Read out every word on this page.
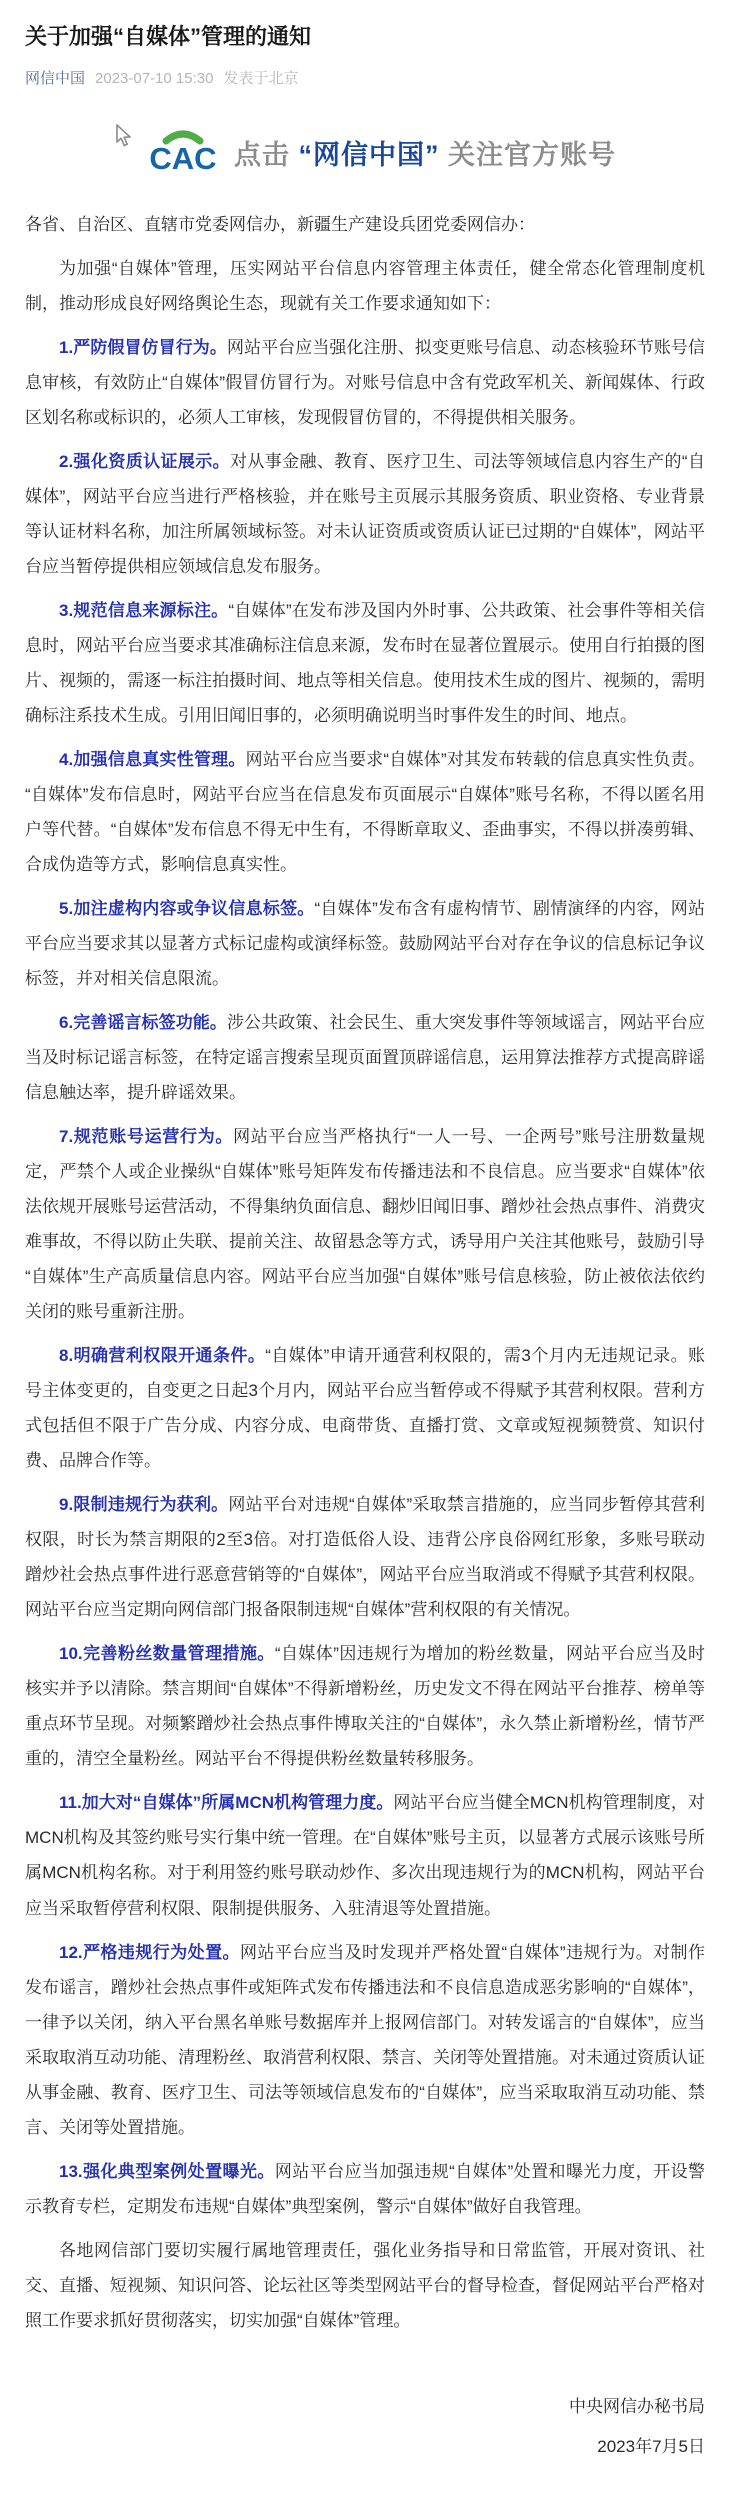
关于加强“自媒体”管理的通知
网信中国 2023-07-10 15:30 发表于北京
CAC 点击 “网信中国” 关注官方账号

各省、自治区、直辖市党委网信办，新疆生产建设兵团党委网信办：

为加强“自媒体”管理，压实网站平台信息内容管理主体责任，健全常态化管理制度机制，推动形成良好网络舆论生态，现就有关工作要求通知如下：

1.严防假冒仿冒行为。网站平台应当强化注册、拟变更账号信息、动态核验环节账号信息审核，有效防止“自媒体”假冒仿冒行为。对账号信息中含有党政军机关、新闻媒体、行政区划名称或标识的，必须人工审核，发现假冒仿冒的，不得提供相关服务。

2.强化资质认证展示。对从事金融、教育、医疗卫生、司法等领域信息内容生产的“自媒体”，网站平台应当进行严格核验，并在账号主页展示其服务资质、职业资格、专业背景等认证材料名称，加注所属领域标签。对未认证资质或资质认证已过期的“自媒体”，网站平台应当暂停提供相应领域信息发布服务。

3.规范信息来源标注。“自媒体”在发布涉及国内外时事、公共政策、社会事件等相关信息时，网站平台应当要求其准确标注信息来源，发布时在显著位置展示。使用自行拍摄的图片、视频的，需逐一标注拍摄时间、地点等相关信息。使用技术生成的图片、视频的，需明确标注系技术生成。引用旧闻旧事的，必须明确说明当时事件发生的时间、地点。

4.加强信息真实性管理。网站平台应当要求“自媒体”对其发布转载的信息真实性负责。“自媒体”发布信息时，网站平台应当在信息发布页面展示“自媒体”账号名称，不得以匿名用户等代替。“自媒体”发布信息不得无中生有，不得断章取义、歪曲事实，不得以拼凑剪辑、合成伪造等方式，影响信息真实性。

5.加注虚构内容或争议信息标签。“自媒体”发布含有虚构情节、剧情演绎的内容，网站平台应当要求其以显著方式标记虚构或演绎标签。鼓励网站平台对存在争议的信息标记争议标签，并对相关信息限流。

6.完善谣言标签功能。涉公共政策、社会民生、重大突发事件等领域谣言，网站平台应当及时标记谣言标签，在特定谣言搜索呈现页面置顶辟谣信息，运用算法推荐方式提高辟谣信息触达率，提升辟谣效果。

7.规范账号运营行为。网站平台应当严格执行“一人一号、一企两号”账号注册数量规定，严禁个人或企业操纵“自媒体”账号矩阵发布传播违法和不良信息。应当要求“自媒体”依法依规开展账号运营活动，不得集纳负面信息、翻炒旧闻旧事、蹭炒社会热点事件、消费灾难事故，不得以防止失联、提前关注、故留悬念等方式，诱导用户关注其他账号，鼓励引导“自媒体”生产高质量信息内容。网站平台应当加强“自媒体”账号信息核验，防止被依法依约关闭的账号重新注册。

8.明确营利权限开通条件。“自媒体”申请开通营利权限的，需3个月内无违规记录。账号主体变更的，自变更之日起3个月内，网站平台应当暂停或不得赋予其营利权限。营利方式包括但不限于广告分成、内容分成、电商带货、直播打赏、文章或短视频赞赏、知识付费、品牌合作等。

9.限制违规行为获利。网站平台对违规“自媒体”采取禁言措施的，应当同步暂停其营利权限，时长为禁言期限的2至3倍。对打造低俗人设、违背公序良俗网红形象，多账号联动蹭炒社会热点事件进行恶意营销等的“自媒体”，网站平台应当取消或不得赋予其营利权限。网站平台应当定期向网信部门报备限制违规“自媒体”营利权限的有关情况。

10.完善粉丝数量管理措施。“自媒体”因违规行为增加的粉丝数量，网站平台应当及时核实并予以清除。禁言期间“自媒体”不得新增粉丝，历史发文不得在网站平台推荐、榜单等重点环节呈现。对频繁蹭炒社会热点事件博取关注的“自媒体”，永久禁止新增粉丝，情节严重的，清空全量粉丝。网站平台不得提供粉丝数量转移服务。

11.加大对“自媒体”所属MCN机构管理力度。网站平台应当健全MCN机构管理制度，对MCN机构及其签约账号实行集中统一管理。在“自媒体”账号主页，以显著方式展示该账号所属MCN机构名称。对于利用签约账号联动炒作、多次出现违规行为的MCN机构，网站平台应当采取暂停营利权限、限制提供服务、入驻清退等处置措施。

12.严格违规行为处置。网站平台应当及时发现并严格处置“自媒体”违规行为。对制作发布谣言，蹭炒社会热点事件或矩阵式发布传播违法和不良信息造成恶劣影响的“自媒体”，一律予以关闭，纳入平台黑名单账号数据库并上报网信部门。对转发谣言的“自媒体”，应当采取取消互动功能、清理粉丝、取消营利权限、禁言、关闭等处置措施。对未通过资质认证从事金融、教育、医疗卫生、司法等领域信息发布的“自媒体”，应当采取取消互动功能、禁言、关闭等处置措施。

13.强化典型案例处置曝光。网站平台应当加强违规“自媒体”处置和曝光力度，开设警示教育专栏，定期发布违规“自媒体”典型案例，警示“自媒体”做好自我管理。

各地网信部门要切实履行属地管理责任，强化业务指导和日常监管，开展对资讯、社交、直播、短视频、知识问答、论坛社区等类型网站平台的督导检查，督促网站平台严格对照工作要求抓好贯彻落实，切实加强“自媒体”管理。

中央网信办秘书局
2023年7月5日
